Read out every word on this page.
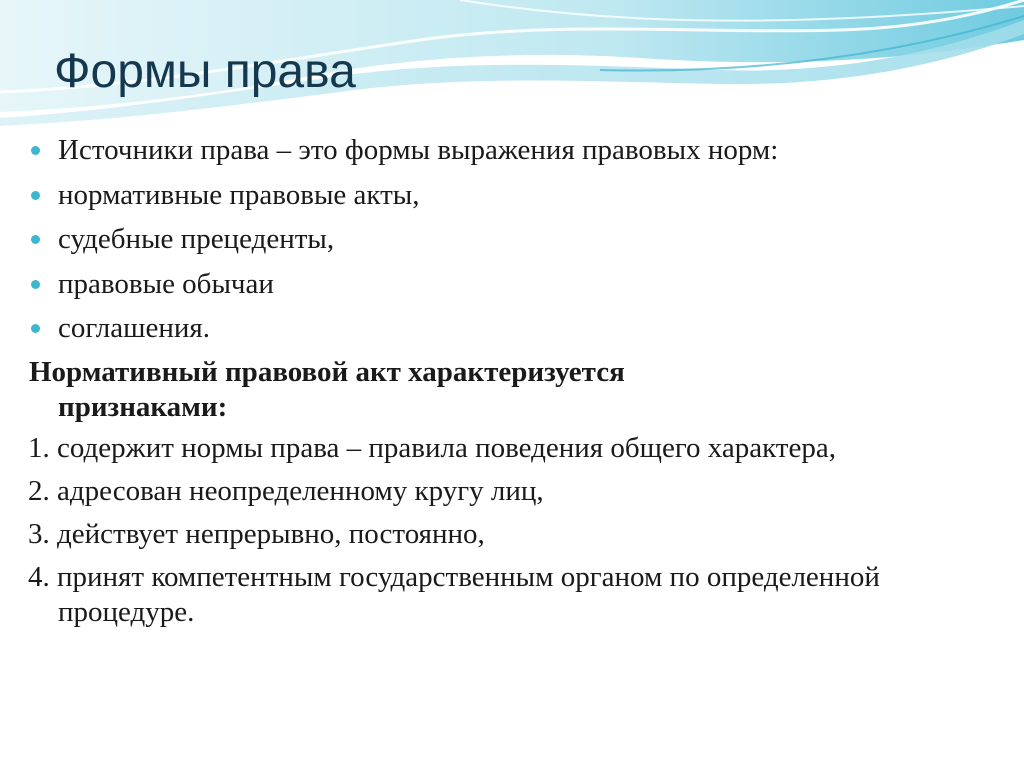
Формы права
Источники права – это формы выражения правовых норм:
нормативные правовые акты,
судебные прецеденты,
правовые обычаи
соглашения.

Нормативный правовой акт характеризуется
признаками:

1. содержит нормы права – правила поведения общего характера,
2. адресован неопределенному кругу лиц,
3. действует непрерывно, постоянно,
4. принят компетентным государственным органом по определенной процедуре.
